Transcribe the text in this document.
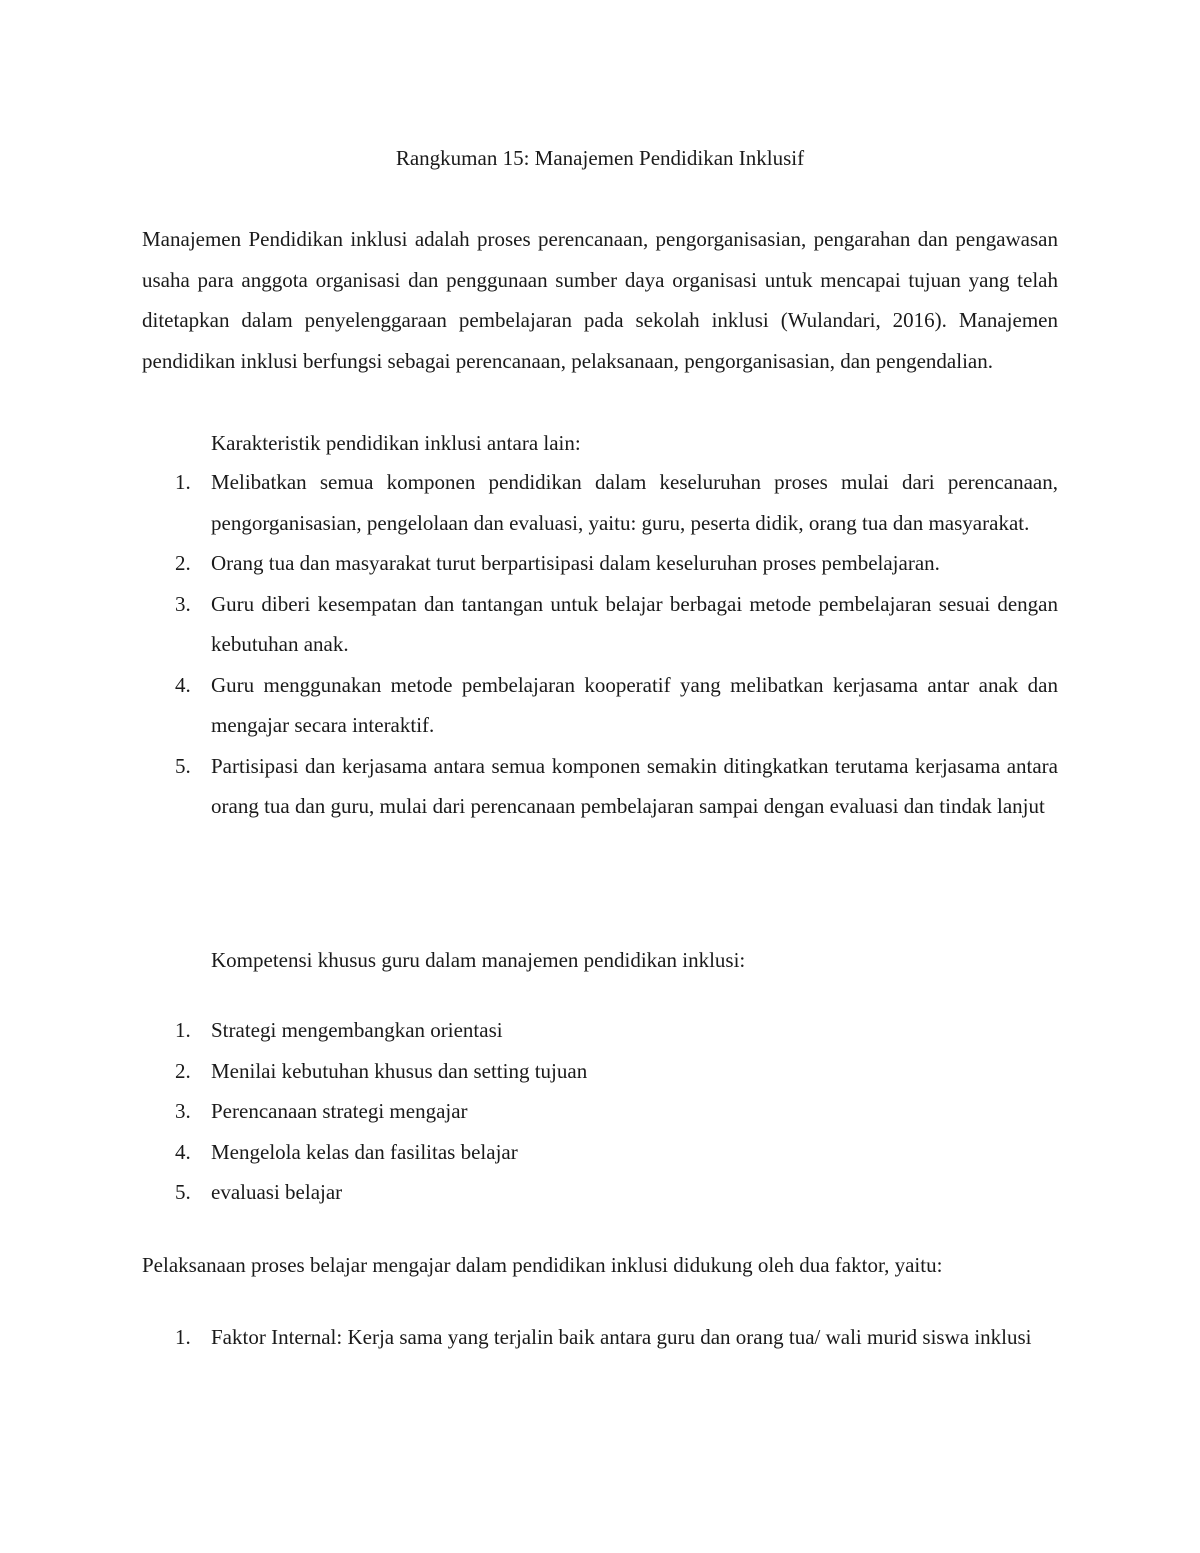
Rangkuman 15: Manajemen Pendidikan Inklusif
Manajemen Pendidikan inklusi adalah proses perencanaan, pengorganisasian, pengarahan dan pengawasan usaha para anggota organisasi dan penggunaan sumber daya organisasi untuk mencapai tujuan yang telah ditetapkan dalam penyelenggaraan pembelajaran pada sekolah inklusi (Wulandari, 2016). Manajemen pendidikan inklusi berfungsi sebagai perencanaan, pelaksanaan, pengorganisasian, dan pengendalian.
Karakteristik pendidikan inklusi antara lain:
1. Melibatkan semua komponen pendidikan dalam keseluruhan proses mulai dari perencanaan, pengorganisasian, pengelolaan dan evaluasi, yaitu: guru, peserta didik, orang tua dan masyarakat.
2. Orang tua dan masyarakat turut berpartisipasi dalam keseluruhan proses pembelajaran.
3. Guru diberi kesempatan dan tantangan untuk belajar berbagai metode pembelajaran sesuai dengan kebutuhan anak.
4. Guru menggunakan metode pembelajaran kooperatif yang melibatkan kerjasama antar anak dan mengajar secara interaktif.
5. Partisipasi dan kerjasama antara semua komponen semakin ditingkatkan terutama kerjasama antara orang tua dan guru, mulai dari perencanaan pembelajaran sampai dengan evaluasi dan tindak lanjut
Kompetensi khusus guru dalam manajemen pendidikan inklusi:
1. Strategi mengembangkan orientasi
2. Menilai kebutuhan khusus dan setting tujuan
3. Perencanaan strategi mengajar
4. Mengelola kelas dan fasilitas belajar
5. evaluasi belajar
Pelaksanaan proses belajar mengajar dalam pendidikan inklusi didukung oleh dua faktor, yaitu:
1. Faktor Internal: Kerja sama yang terjalin baik antara guru dan orang tua/ wali murid siswa inklusi
